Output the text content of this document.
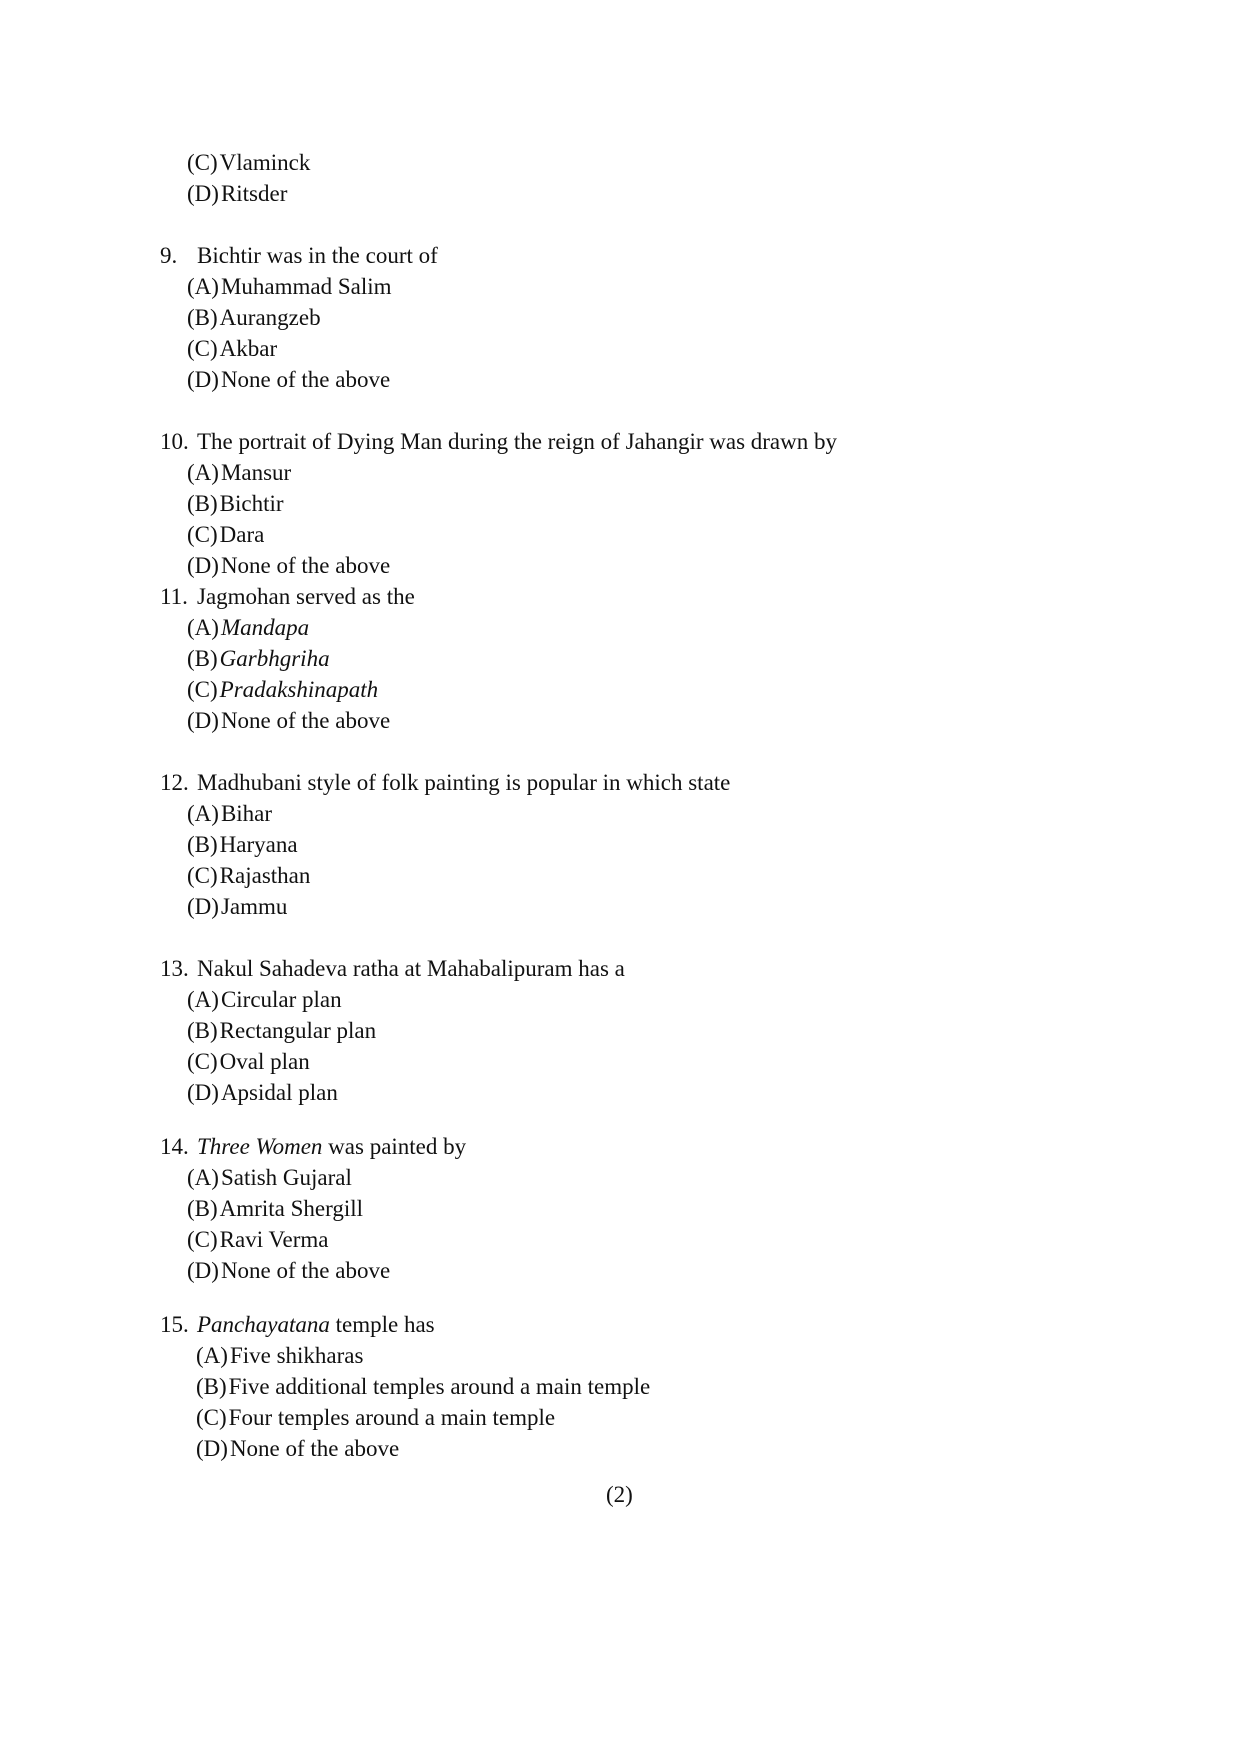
(C)Vlaminck
(D)Ritsder
9. Bichtir was in the court of
(A)Muhammad Salim
(B)Aurangzeb
(C)Akbar
(D)None of the above
10. The portrait of Dying Man during the reign of Jahangir was drawn by
(A)Mansur
(B)Bichtir
(C)Dara
(D)None of the above
11. Jagmohan served as the
(A)Mandapa
(B)Garbhgriha
(C)Pradakshinapath
(D)None of the above
12. Madhubani style of folk painting is popular in which state
(A)Bihar
(B)Haryana
(C)Rajasthan
(D)Jammu
13. Nakul Sahadeva ratha at Mahabalipuram has a
(A)Circular plan
(B)Rectangular plan
(C)Oval plan
(D)Apsidal plan
14. Three Women was painted by
(A)Satish Gujaral
(B)Amrita Shergill
(C)Ravi Verma
(D)None of the above
15. Panchayatana temple has
(A)Five shikharas
(B)Five additional temples around a main temple
(C)Four temples around a main temple
(D)None of the above
(2)
